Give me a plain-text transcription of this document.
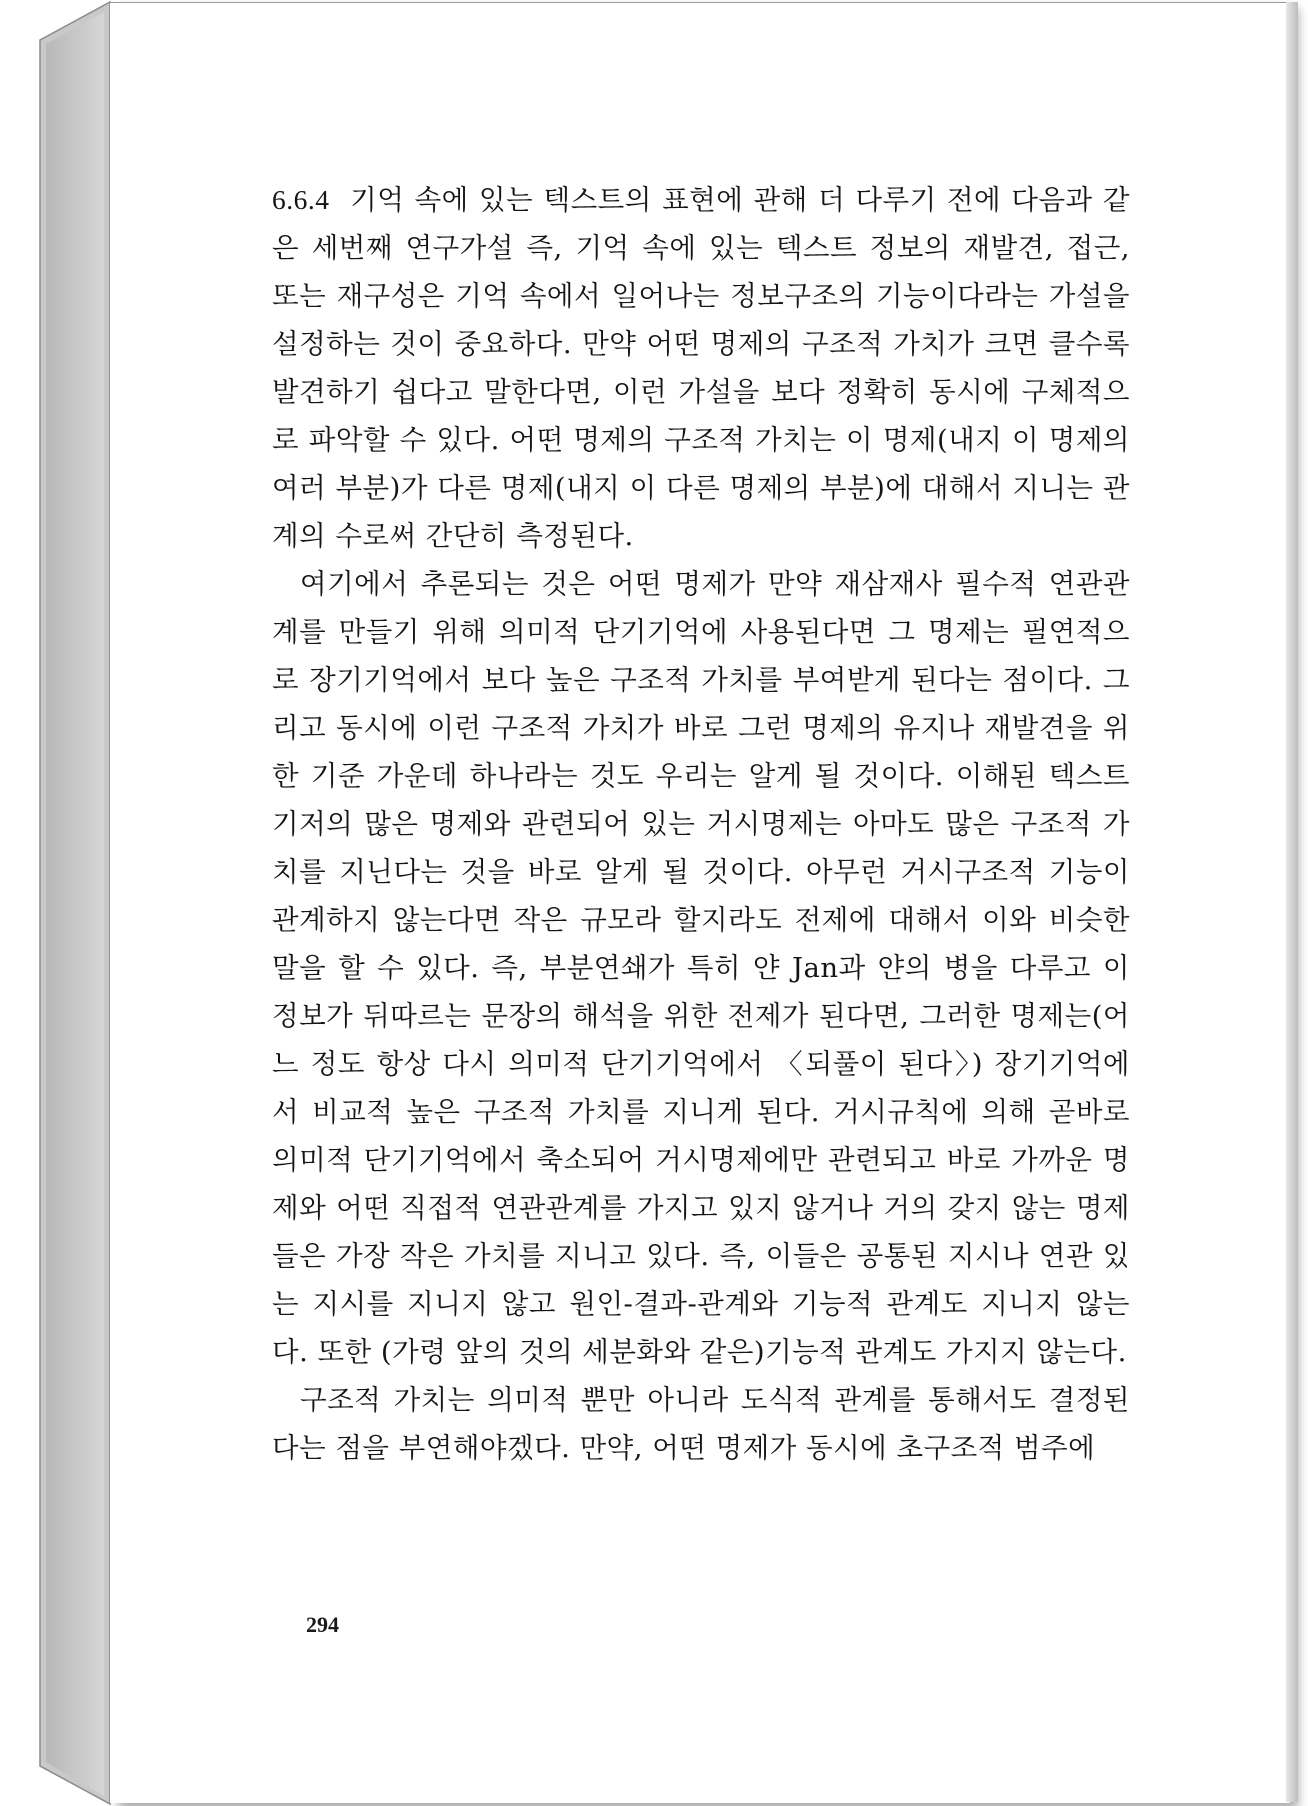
6.6.4 기억 속에 있는 텍스트의 표현에 관해 더 다루기 전에 다음과 같은 세번째 연구가설 즉, 기억 속에 있는 텍스트 정보의 재발견, 접근, 또는 재구성은 기억 속에서 일어나는 정보구조의 기능이다라는 가설을 설정하는 것이 중요하다. 만약 어떤 명제의 구조적 가치가 크면 클수록 발견하기 쉽다고 말한다면, 이런 가설을 보다 정확히 동시에 구체적으로 파악할 수 있다. 어떤 명제의 구조적 가치는 이 명제(내지 이 명제의 여러 부분)가 다른 명제(내지 이 다른 명제의 부분)에 대해서 지니는 관계의 수로써 간단히 측정된다.

여기에서 추론되는 것은 어떤 명제가 만약 재삼재사 필수적 연관관계를 만들기 위해 의미적 단기기억에 사용된다면 그 명제는 필연적으로 장기기억에서 보다 높은 구조적 가치를 부여받게 된다는 점이다. 그리고 동시에 이런 구조적 가치가 바로 그런 명제의 유지나 재발견을 위한 기준 가운데 하나라는 것도 우리는 알게 될 것이다. 이해된 텍스트 기저의 많은 명제와 관련되어 있는 거시명제는 아마도 많은 구조적 가치를 지닌다는 것을 바로 알게 될 것이다. 아무런 거시구조적 기능이 관계하지 않는다면 작은 규모라 할지라도 전제에 대해서 이와 비슷한 말을 할 수 있다. 즉, 부분연쇄가 특히 얀 Jan과 얀의 병을 다루고 이 정보가 뒤따르는 문장의 해석을 위한 전제가 된다면, 그러한 명제는(어느 정도 항상 다시 의미적 단기기억에서 〈되풀이 된다〉) 장기기억에서 비교적 높은 구조적 가치를 지니게 된다. 거시규칙에 의해 곧바로 의미적 단기기억에서 축소되어 거시명제에만 관련되고 바로 가까운 명제와 어떤 직접적 연관관계를 가지고 있지 않거나 거의 갖지 않는 명제들은 가장 작은 가치를 지니고 있다. 즉, 이들은 공통된 지시나 연관 있는 지시를 지니지 않고 원인-결과-관계와 기능적 관계도 지니지 않는다. 또한 (가령 앞의 것의 세분화와 같은)기능적 관계도 가지지 않는다.

구조적 가치는 의미적 뿐만 아니라 도식적 관계를 통해서도 결정된다는 점을 부연해야겠다. 만약, 어떤 명제가 동시에 초구조적 범주에

294
